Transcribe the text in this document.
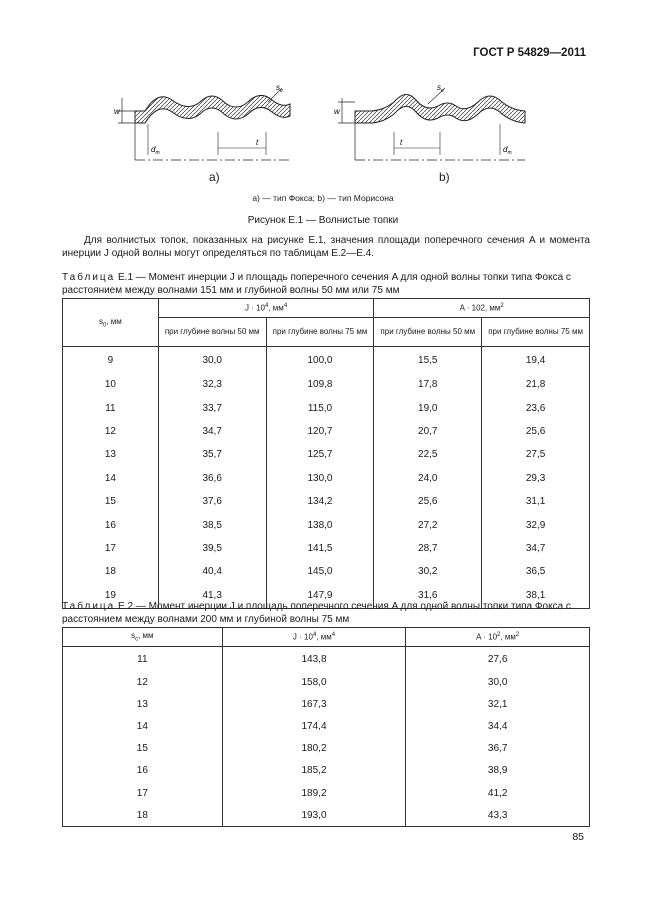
ГОСТ Р 54829—2011
$s_e$	$s_e$
w	w
t	t
$d_m$	$d_m$
a)	b)
a) — тип Фокса; b) — тип Морисона
Рисунок Е.1 — Волнистые топки

Для волнистых топок, показанных на рисунке Е.1, значения площади поперечного сечения A и момента инерции J одной волны могут определяться по таблицам Е.2—Е.4.

Таблица Е.1 — Момент инерции J и площадь поперечного сечения A для одной волны топки типа Фокса с расстоянием между волнами 151 мм и глубиной волны 50 мм или 75 мм

$s_0$, мм	$J \cdot 10^4$, $мм^4$		A · 102, $мм^2$
	при глубине волны 50 мм	при глубине волны 75 мм	при глубине волны 50 мм	при глубине волны 75 мм
9	30,0	100,0	15,5	19,4
10	32,3	109,8	17,8	21,8
11	33,7	115,0	19,0	23,6
12	34,7	120,7	20,7	25,6
13	35,7	125,7	22,5	27,5
14	36,6	130,0	24,0	29,3
15	37,6	134,2	25,6	31,1
16	38,5	138,0	27,2	32,9
17	39,5	141,5	28,7	34,7
18	40,4	145,0	30,2	36,5
19	41,3	147,9	31,6	38,1

Таблица Е.2 — Момент инерции J и площадь поперечного сечения A для одной волны топки типа Фокса с расстоянием между волнами 200 мм и глубиной волны 75 мм

$s_c$, мм	$J \cdot 10^4$, $мм^4$	$A \cdot 10^2$, $мм^2$
11	143,8	27,6
12	158,0	30,0
13	167,3	32,1
14	174,4	34,4
15	180,2	36,7
16	185,2	38,9
17	189,2	41,2
18	193,0	43,3
85
